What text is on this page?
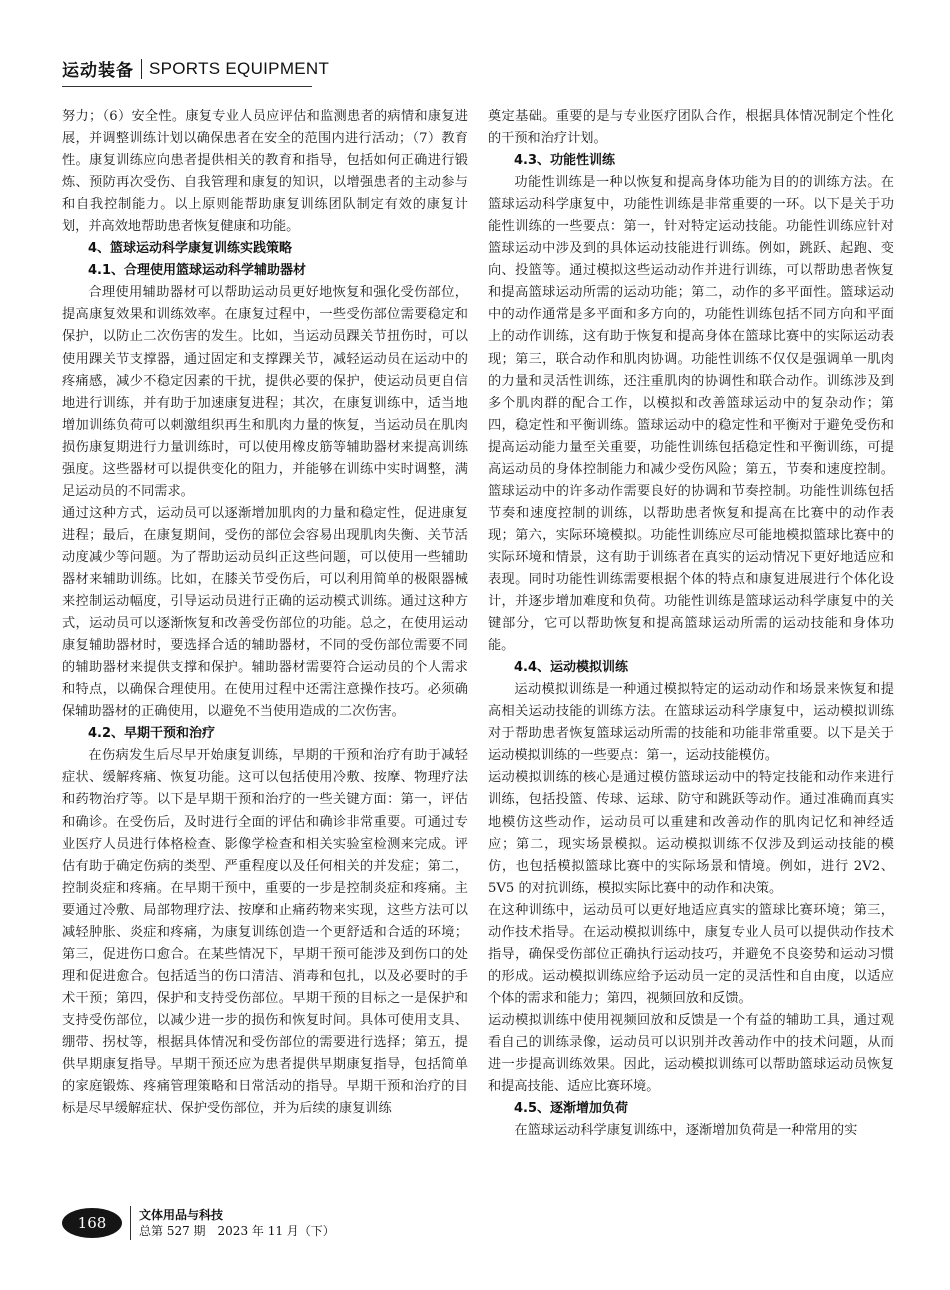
运动装备 SPORTS EQUIPMENT

努力；（6）安全性。康复专业人员应评估和监测患者的病情和康复进展，并调整训练计划以确保患者在安全的范围内进行活动；（7）教育性。康复训练应向患者提供相关的教育和指导，包括如何正确进行锻炼、预防再次受伤、自我管理和康复的知识，以增强患者的主动参与和自我控制能力。以上原则能帮助康复训练团队制定有效的康复计划，并高效地帮助患者恢复健康和功能。

4、篮球运动科学康复训练实践策略
4.1、合理使用篮球运动科学辅助器材

合理使用辅助器材可以帮助运动员更好地恢复和强化受伤部位，提高康复效果和训练效率。在康复过程中，一些受伤部位需要稳定和保护，以防止二次伤害的发生。比如，当运动员踝关节扭伤时，可以使用踝关节支撑器，通过固定和支撑踝关节，减轻运动员在运动中的疼痛感，减少不稳定因素的干扰，提供必要的保护，使运动员更自信地进行训练，并有助于加速康复进程；其次，在康复训练中，适当地增加训练负荷可以刺激组织再生和肌肉力量的恢复，当运动员在肌肉损伤康复期进行力量训练时，可以使用橡皮筋等辅助器材来提高训练强度。这些器材可以提供变化的阻力，并能够在训练中实时调整，满足运动员的不同需求。

通过这种方式，运动员可以逐渐增加肌肉的力量和稳定性，促进康复进程；最后，在康复期间，受伤的部位会容易出现肌肉失衡、关节活动度减少等问题。为了帮助运动员纠正这些问题，可以使用一些辅助器材来辅助训练。比如，在膝关节受伤后，可以利用简单的极限器械来控制运动幅度，引导运动员进行正确的运动模式训练。通过这种方式，运动员可以逐渐恢复和改善受伤部位的功能。总之，在使用运动康复辅助器材时，要选择合适的辅助器材，不同的受伤部位需要不同的辅助器材来提供支撑和保护。辅助器材需要符合运动员的个人需求和特点，以确保合理使用。在使用过程中还需注意操作技巧。必须确保辅助器材的正确使用，以避免不当使用造成的二次伤害。

4.2、早期干预和治疗

在伤病发生后尽早开始康复训练，早期的干预和治疗有助于减轻症状、缓解疼痛、恢复功能。这可以包括使用冷敷、按摩、物理疗法和药物治疗等。以下是早期干预和治疗的一些关键方面：第一，评估和确诊。在受伤后，及时进行全面的评估和确诊非常重要。可通过专业医疗人员进行体格检查、影像学检查和相关实验室检测来完成。评估有助于确定伤病的类型、严重程度以及任何相关的并发症；第二，控制炎症和疼痛。在早期干预中，重要的一步是控制炎症和疼痛。主要通过冷敷、局部物理疗法、按摩和止痛药物来实现，这些方法可以减轻肿胀、炎症和疼痛，为康复训练创造一个更舒适和合适的环境；第三，促进伤口愈合。在某些情况下，早期干预可能涉及到伤口的处理和促进愈合。包括适当的伤口清洁、消毒和包扎，以及必要时的手术干预；第四，保护和支持受伤部位。早期干预的目标之一是保护和支持受伤部位，以减少进一步的损伤和恢复时间。具体可使用支具、绷带、拐杖等，根据具体情况和受伤部位的需要进行选择；第五，提供早期康复指导。早期干预还应为患者提供早期康复指导，包括简单的家庭锻炼、疼痛管理策略和日常活动的指导。早期干预和治疗的目标是尽早缓解症状、保护受伤部位，并为后续的康复训练

奠定基础。重要的是与专业医疗团队合作，根据具体情况制定个性化的干预和治疗计划。

4.3、功能性训练

功能性训练是一种以恢复和提高身体功能为目的的训练方法。在篮球运动科学康复中，功能性训练是非常重要的一环。以下是关于功能性训练的一些要点：第一，针对特定运动技能。功能性训练应针对篮球运动中涉及到的具体运动技能进行训练。例如，跳跃、起跑、变向、投篮等。通过模拟这些运动动作并进行训练，可以帮助患者恢复和提高篮球运动所需的运动功能；第二，动作的多平面性。篮球运动中的动作通常是多平面和多方向的，功能性训练包括不同方向和平面上的动作训练，这有助于恢复和提高身体在篮球比赛中的实际运动表现；第三，联合动作和肌肉协调。功能性训练不仅仅是强调单一肌肉的力量和灵活性训练，还注重肌肉的协调性和联合动作。训练涉及到多个肌肉群的配合工作，以模拟和改善篮球运动中的复杂动作；第四，稳定性和平衡训练。篮球运动中的稳定性和平衡对于避免受伤和提高运动能力量至关重要，功能性训练包括稳定性和平衡训练，可提高运动员的身体控制能力和减少受伤风险；第五，节奏和速度控制。篮球运动中的许多动作需要良好的协调和节奏控制。功能性训练包括节奏和速度控制的训练，以帮助患者恢复和提高在比赛中的动作表现；第六，实际环境模拟。功能性训练应尽可能地模拟篮球比赛中的实际环境和情景，这有助于训练者在真实的运动情况下更好地适应和表现。同时功能性训练需要根据个体的特点和康复进展进行个体化设计，并逐步增加难度和负荷。功能性训练是篮球运动科学康复中的关键部分，它可以帮助恢复和提高篮球运动所需的运动技能和身体功能。

4.4、运动模拟训练

运动模拟训练是一种通过模拟特定的运动动作和场景来恢复和提高相关运动技能的训练方法。在篮球运动科学康复中，运动模拟训练对于帮助患者恢复篮球运动所需的技能和功能非常重要。以下是关于运动模拟训练的一些要点：第一，运动技能模仿。

运动模拟训练的核心是通过模仿篮球运动中的特定技能和动作来进行训练，包括投篮、传球、运球、防守和跳跃等动作。通过准确而真实地模仿这些动作，运动员可以重建和改善动作的肌肉记忆和神经适应；第二，现实场景模拟。运动模拟训练不仅涉及到运动技能的模仿，也包括模拟篮球比赛中的实际场景和情境。例如，进行 2V2、5V5 的对抗训练，模拟实际比赛中的动作和决策。

在这种训练中，运动员可以更好地适应真实的篮球比赛环境；第三，动作技术指导。在运动模拟训练中，康复专业人员可以提供动作技术指导，确保受伤部位正确执行运动技巧，并避免不良姿势和运动习惯的形成。运动模拟训练应给予运动员一定的灵活性和自由度，以适应个体的需求和能力；第四，视频回放和反馈。

运动模拟训练中使用视频回放和反馈是一个有益的辅助工具，通过观看自己的训练录像，运动员可以识别并改善动作中的技术问题，从而进一步提高训练效果。因此，运动模拟训练可以帮助篮球运动员恢复和提高技能、适应比赛环境。

4.5、逐渐增加负荷

在篮球运动科学康复训练中，逐渐增加负荷是一种常用的实

168	文体用品与科技
总第 527 期　2023 年 11 月（下）
